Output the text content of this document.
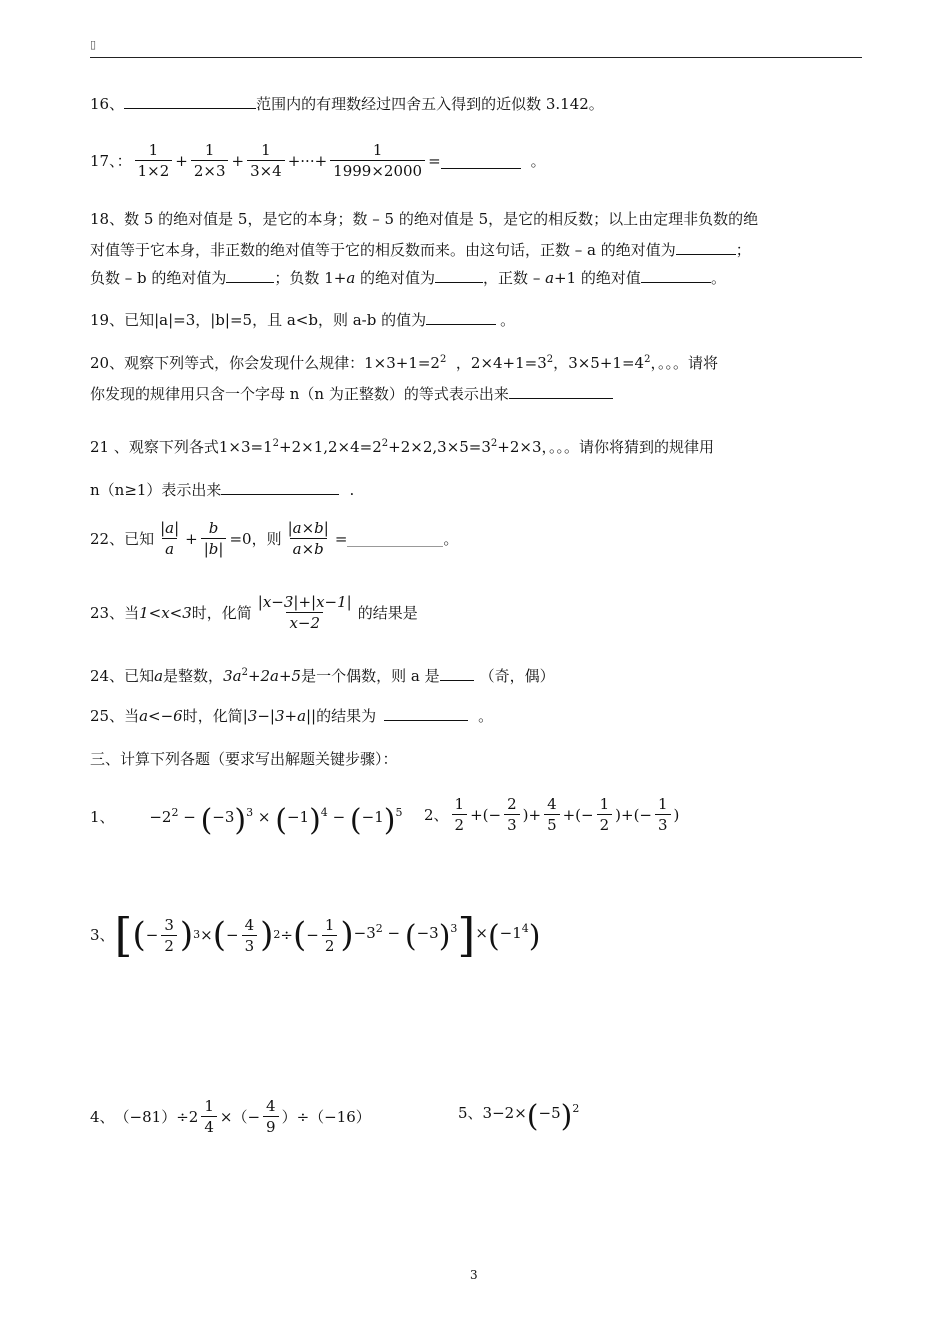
▯
16、	范围内的有理数经过四舍五入得到的近似数 3.142。
17、： $\frac{1}{1\times 2} + \frac{1}{2\times 3} + \frac{1}{3\times 4}$ +···+ $\frac{1}{1999\times 2000}$ =	。
18、数 5 的绝对值是 5，是它的本身；数 – 5 的绝对值是 5，是它的相反数；以上由定理非负数的绝
对值等于它本身，非正数的绝对值等于它的相反数而来。由这句话，正数 – a 的绝对值为	；
负数 – b 的绝对值为	；负数 1+a 的绝对值为	，正数 – a+1 的绝对值	。
19、已知|a|=3，|b|=5，且 a<b，则 a-b 的值为	。
20、观察下列等式，你会发现什么规律：$1\times 3+1=2^2$  ，$2\times 4+1=3^2$，$3\times 5+1=4^2$，。。。请将
你发现的规律用只含一个字母 n（n 为正整数）的等式表示出来
21 、观察下列各式$1\times 3=1^2+2\times 1,2\times 4=2^2+2\times 2,3\times 5=3^2+2\times 3$，。。。请你将猜到的规律用
n（n≥1）表示出来	.
22、已知 $\frac{|a|}{a} + \frac{b}{|b|} =0$，则 $\frac{|a\times b|}{a\times b}$ =	。
23、当 1<x<3 时，化简 $\frac{|x-3|+|x-1|}{x-2}$ 的结果是
24、已知a是整数，$3a^2+2a+5$是一个偶数，则 a 是	（奇，偶）
25、当a<−6时，化简|3−|3+a||的结果为	。
三、计算下列各题（要求写出解题关键步骤）：
1、 $-2^2 - (-3)^3 \times (-1)^4 - (-1)^5$ 2、 $\frac{1}{2}$ +(− $\frac{2}{3}$ )+ $\frac{4}{5}$ +(− $\frac{1}{2}$ )+(− $\frac{1}{3}$ )
3、 [ ( − $\frac{3}{2}$ ) 3 × ( − $\frac{4}{3}$ ) 2 ÷ ( − $\frac{1}{2}$ ) $-3^2 - (-3)^3$ ] $\times(-1^4)$
4、 $(-81)\div 2 \frac{1}{4}$ ×（− $\frac{4}{9} )\div(-16)$	5、$3-2\times(-5)^2$
3
